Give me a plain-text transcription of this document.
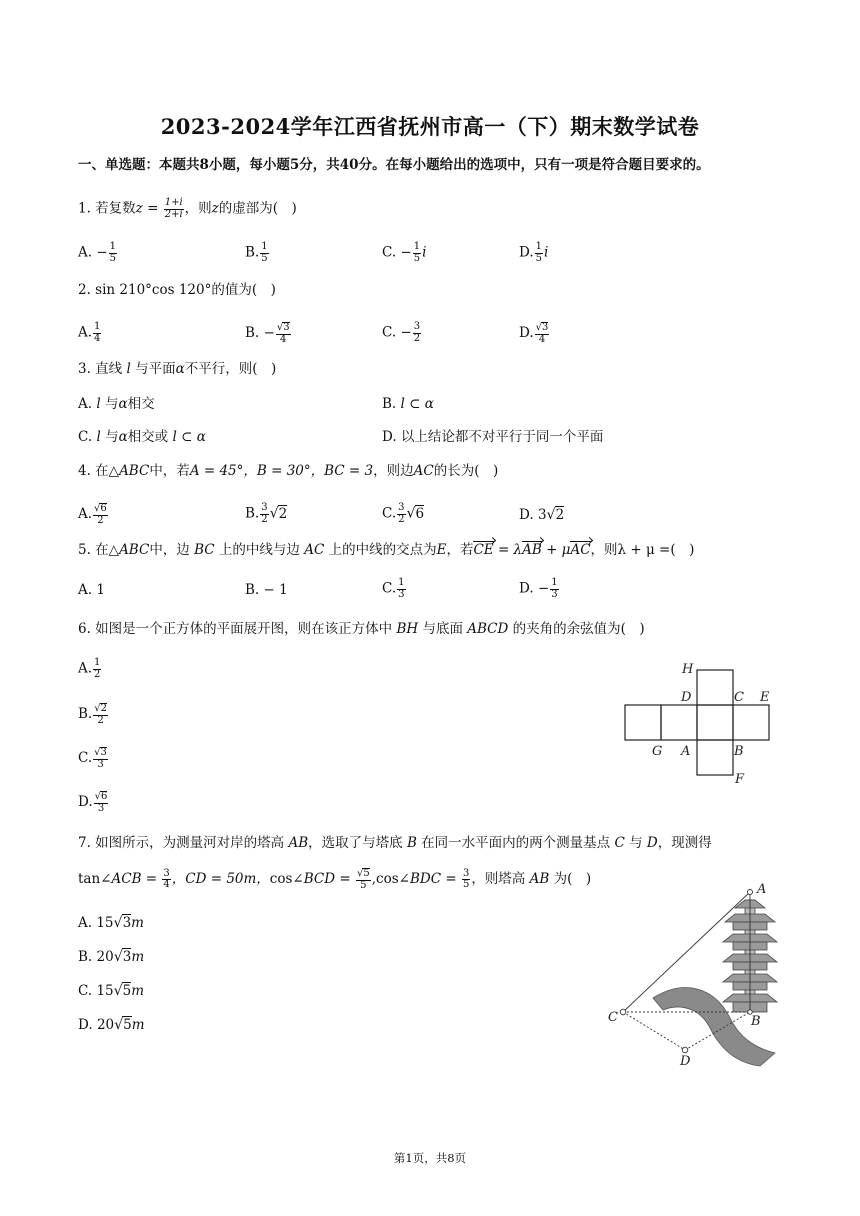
2023-2024学年江西省抚州市高一（下）期末数学试卷
一、单选题：本题共8小题，每小题5分，共40分。在每小题给出的选项中，只有一项是符合题目要求的。
1. 若复数$z = \frac{1+i}{2+i}$ ，则z的虚部为(　)
A. − $\frac{1}{5}$	B. $\frac{1}{5}$	C. − $\frac{1}{5}$ i	D. $\frac{1}{5}$ i
2. sin 210°cos 120°的值为(　)
A. $\frac{1}{4}$	B. − $\frac{√3}{4}$	C. − $\frac{3}{2}$	D. $\frac{√3}{4}$
3. 直线 l 与平面α不平行，则(　)
A. l 与α相交	B. l ⊂ α
C. l 与α相交或 l ⊂ α	D. 以上结论都不对平行于同一个平面
4. 在△ABC中，若A = 45°，B = 30°，BC = 3，则边AC的长为(　)
A. $\frac{√6}{2}$	B. $\frac{3}{2} √2$	C. $\frac{3}{2} √6$	D. 3√2
5. 在△ABC中，边 BC 上的中线与边 AC 上的中线的交点为E，若CE = λAB + μAC，则λ + μ =(　)
A. 1	B. − 1	C. $\frac{1}{3}$	D. − $\frac{1}{3}$
6. 如图是一个正方体的平面展开图，则在该正方体中 BH 与底面 ABCD 的夹角的余弦值为(　)
A. $\frac{1}{2}$
B. $\frac{√2}{2}$
C. $\frac{√3}{3}$
D. $\frac{√6}{3}$
H
D	C E
G A	B
F
7. 如图所示，为测量河对岸的塔高 AB，选取了与塔底 B 在同一水平面内的两个测量基点 C 与 D，现测得
tan∠ACB = $\frac{3}{4}$ ，CD = 50m，cos∠BCD = $\frac{√5}{5}$ ,cos∠BDC = $\frac{3}{5}$ ，则塔高 AB 为(　)
A. 15√3m
B. 20√3m
C. 15√5m
D. 20√5m
A
B
C
D
第1页，共8页
